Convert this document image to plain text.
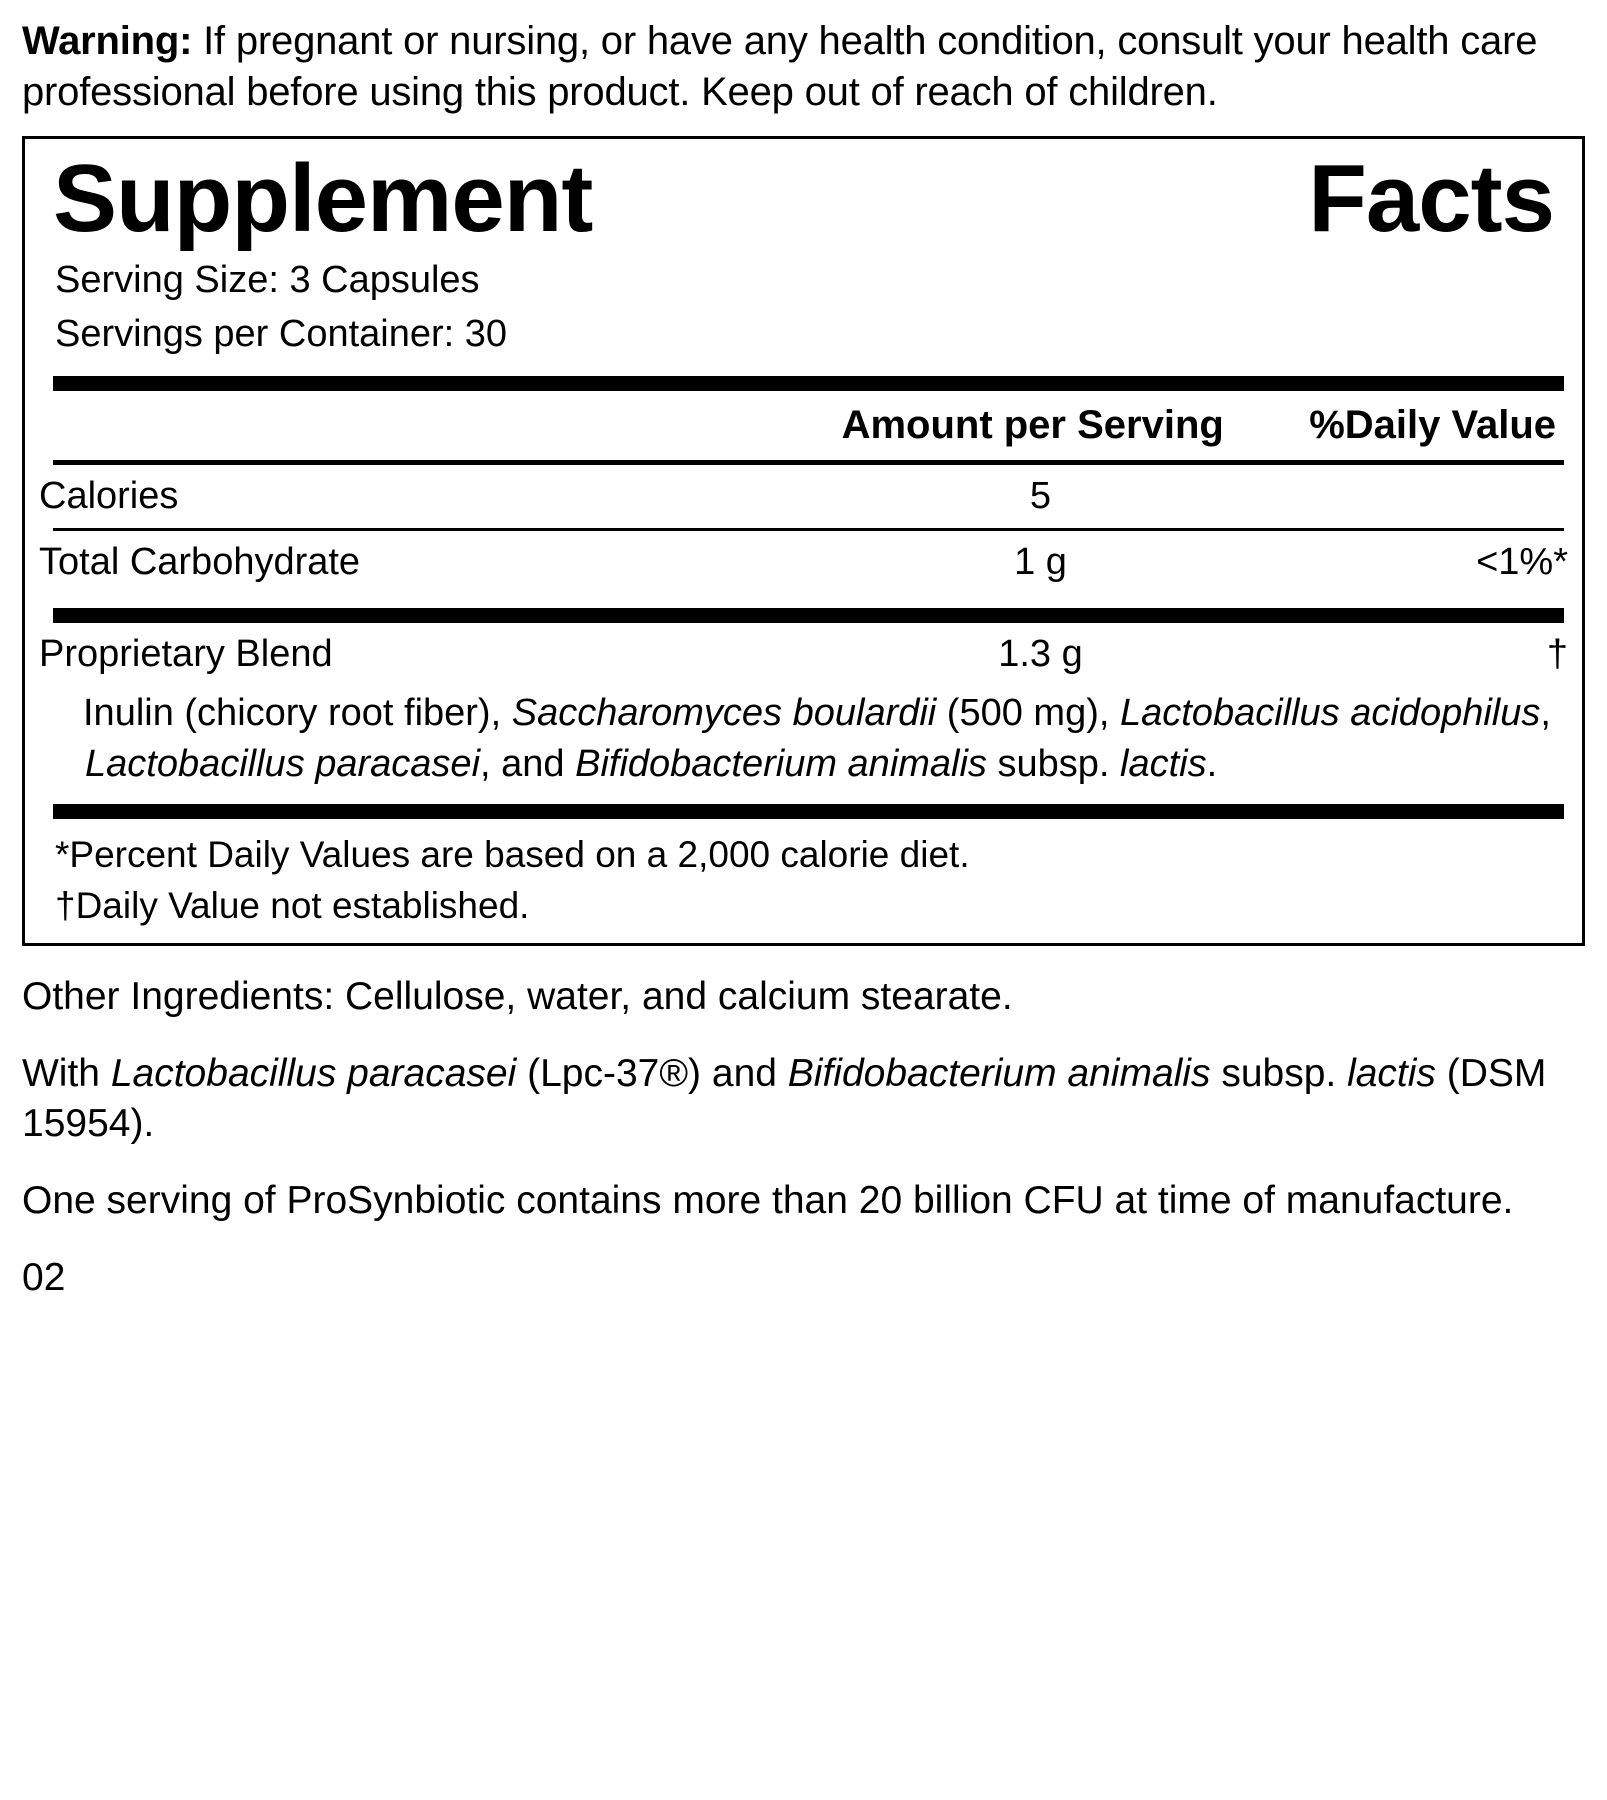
Warning: If pregnant or nursing, or have any health condition, consult your health care professional before using this product. Keep out of reach of children.
Supplement	Facts
Serving Size: 3 Capsules
Servings per Container: 30
	Amount per Serving	%Daily Value
Calories	5	
Total Carbohydrate	1 g	<1%*
Proprietary Blend	1.3 g	†
Inulin (chicory root fiber), Saccharomyces boulardii (500 mg), Lactobacillus acidophilus, Lactobacillus paracasei, and Bifidobacterium animalis subsp. lactis.
*Percent Daily Values are based on a 2,000 calorie diet.
†Daily Value not established.

Other Ingredients: Cellulose, water, and calcium stearate.

With Lactobacillus paracasei (Lpc-37®) and Bifidobacterium animalis subsp. lactis (DSM 15954).

One serving of ProSynbiotic contains more than 20 billion CFU at time of manufacture.

02
